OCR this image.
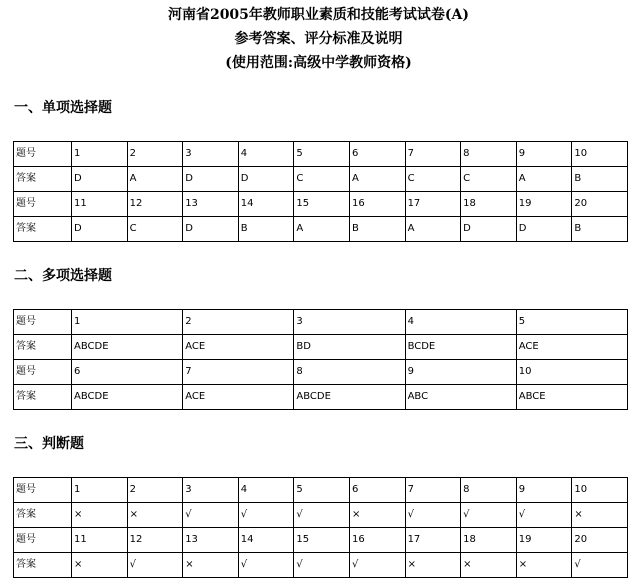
河南省2005年教师职业素质和技能考试试卷(A)
参考答案、评分标准及说明
(使用范围:高级中学教师资格)
一、单项选择题
题号	1	2	3	4	5	6	7	8	9	10
答案	D	A	D	D	C	A	C	C	A	B
题号	11	12	13	14	15	16	17	18	19	20
答案	D	C	D	B	A	B	A	D	D	B
二、多项选择题
题号	1	2	3	4	5
答案	ABCDE	ACE	BD	BCDE	ACE
题号	6	7	8	9	10
答案	ABCDE	ACE	ABCDE	ABC	ABCE
三、判断题
题号	1	2	3	4	5	6	7	8	9	10
答案	×	×	√	√	√	×	√	√	√	×
题号	11	12	13	14	15	16	17	18	19	20
答案	×	√	×	√	√	√	×	×	×	√
